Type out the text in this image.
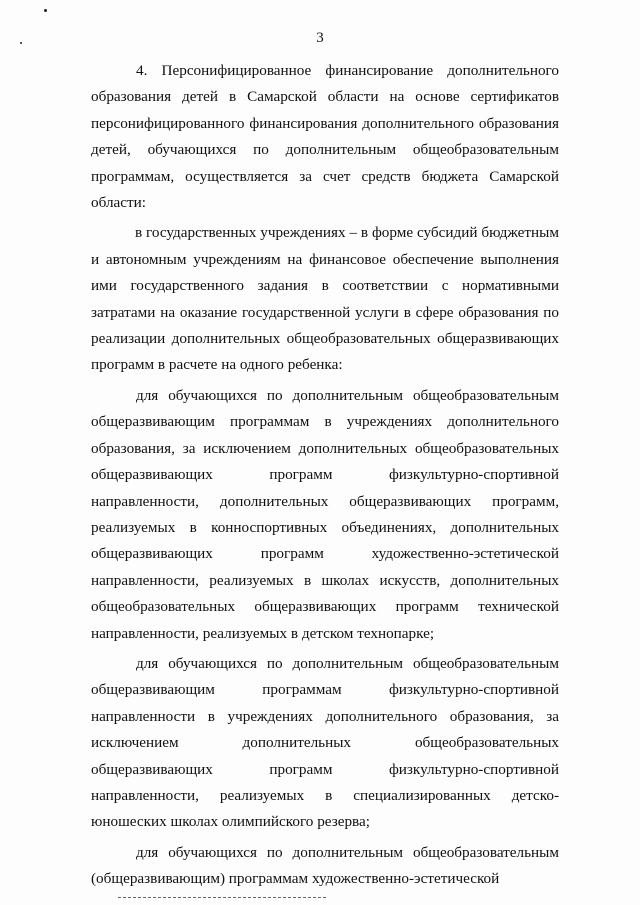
3

4. Персонифицированное финансирование дополнительного образования детей в Самарской области на основе сертификатов персонифицированного финансирования дополнительного образования детей, обучающихся по дополнительным общеобразовательным программам, осуществляется за счет средств бюджета Самарской области:

в государственных учреждениях – в форме субсидий бюджетным и автономным учреждениям на финансовое обеспечение выполнения ими государственного задания в соответствии с нормативными затратами на оказание государственной услуги в сфере образования по реализации дополнительных общеобразовательных общеразвивающих программ в расчете на одного ребенка:

для обучающихся по дополнительным общеобразовательным общеразвивающим программам в учреждениях дополнительного образования, за исключением дополнительных общеобразовательных общеразвивающих программ физкультурно-спортивной направленности, дополнительных общеразвивающих программ, реализуемых в конноспортивных объединениях, дополнительных общеразвивающих программ художественно-эстетической направленности, реализуемых в школах искусств, дополнительных общеобразовательных общеразвивающих программ технической направленности, реализуемых в детском технопарке;

для обучающихся по дополнительным общеобразовательным общеразвивающим программам физкультурно-спортивной направленности в учреждениях дополнительного образования, за исключением дополнительных общеобразовательных общеразвивающих программ физкультурно-спортивной направленности, реализуемых в специализированных детско-юношеских школах олимпийского резерва;

для обучающихся по дополнительным общеобразовательным (общеразвивающим) программам художественно-эстетической
